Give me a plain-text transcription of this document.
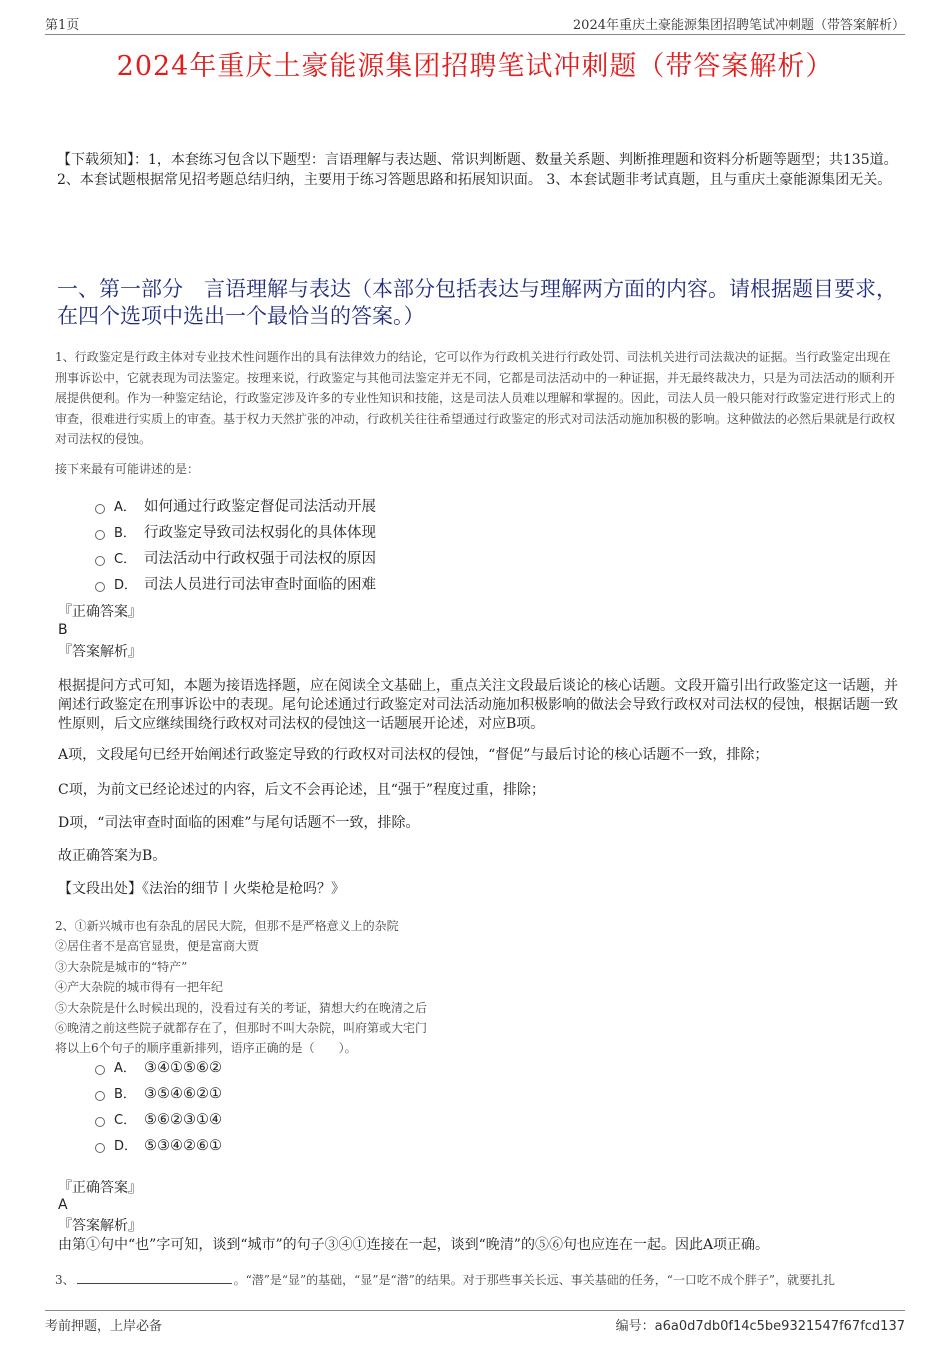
第1页	2024年重庆土豪能源集团招聘笔试冲刺题（带答案解析）
2024年重庆土豪能源集团招聘笔试冲刺题（带答案解析）
【下载须知】：1，本套练习包含以下题型：言语理解与表达题、常识判断题、数量关系题、判断推理题和资料分析题等题型；共135道。 2、本套试题根据常见招考题总结归纳，主要用于练习答题思路和拓展知识面。 3、本套试题非考试真题，且与重庆土豪能源集团无关。
一、第一部分　言语理解与表达（本部分包括表达与理解两方面的内容。请根据题目要求，在四个选项中选出一个最恰当的答案。）
1、行政鉴定是行政主体对专业技术性问题作出的具有法律效力的结论，它可以作为行政机关进行行政处罚、司法机关进行司法裁决的证据。当行政鉴定出现在刑事诉讼中，它就表现为司法鉴定。按理来说，行政鉴定与其他司法鉴定并无不同，它都是司法活动中的一种证据，并无最终裁决力，只是为司法活动的顺利开展提供便利。作为一种鉴定结论，行政鉴定涉及许多的专业性知识和技能，这是司法人员难以理解和掌握的。因此，司法人员一般只能对行政鉴定进行形式上的审查，很难进行实质上的审查。基于权力天然扩张的冲动，行政机关往往希望通过行政鉴定的形式对司法活动施加积极的影响。这种做法的必然后果就是行政权对司法权的侵蚀。
接下来最有可能讲述的是：
A． 如何通过行政鉴定督促司法活动开展
B． 行政鉴定导致司法权弱化的具体体现
C． 司法活动中行政权强于司法权的原因
D． 司法人员进行司法审查时面临的困难
『正确答案』
B
『答案解析』
根据提问方式可知，本题为接语选择题，应在阅读全文基础上，重点关注文段最后谈论的核心话题。文段开篇引出行政鉴定这一话题，并阐述行政鉴定在刑事诉讼中的表现。尾句论述通过行政鉴定对司法活动施加积极影响的做法会导致行政权对司法权的侵蚀，根据话题一致性原则，后文应继续围绕行政权对司法权的侵蚀这一话题展开论述，对应B项。
A项，文段尾句已经开始阐述行政鉴定导致的行政权对司法权的侵蚀，“督促”与最后讨论的核心话题不一致，排除；
C项，为前文已经论述过的内容，后文不会再论述，且“强于”程度过重，排除；
D项，“司法审查时面临的困难”与尾句话题不一致，排除。
故正确答案为B。
【文段出处】《法治的细节丨火柴枪是枪吗？》
2、①新兴城市也有杂乱的居民大院，但那不是严格意义上的杂院
②居住者不是高官显贵，便是富商大贾
③大杂院是城市的“特产”
④产大杂院的城市得有一把年纪
⑤大杂院是什么时候出现的，没看过有关的考证，猜想大约在晚清之后
⑥晚清之前这些院子就都存在了，但那时不叫大杂院，叫府第或大宅门
将以上6个句子的顺序重新排列，语序正确的是（　　）。
A． ③④①⑤⑥②
B． ③⑤④⑥②①
C． ⑤⑥②③①④
D． ⑤③④②⑥①
『正确答案』
A
『答案解析』
由第①句中“也”字可知，谈到“城市”的句子③④①连接在一起，谈到“晚清”的⑤⑥句也应连在一起。因此A项正确。
3、	。“潜”是“显”的基础，“显”是“潜”的结果。对于那些事关长远、事关基础的任务，“一口吃不成个胖子”，就要扎扎
考前押题，上岸必备	编号：a6a0d7db0f14c5be9321547f67fcd137
